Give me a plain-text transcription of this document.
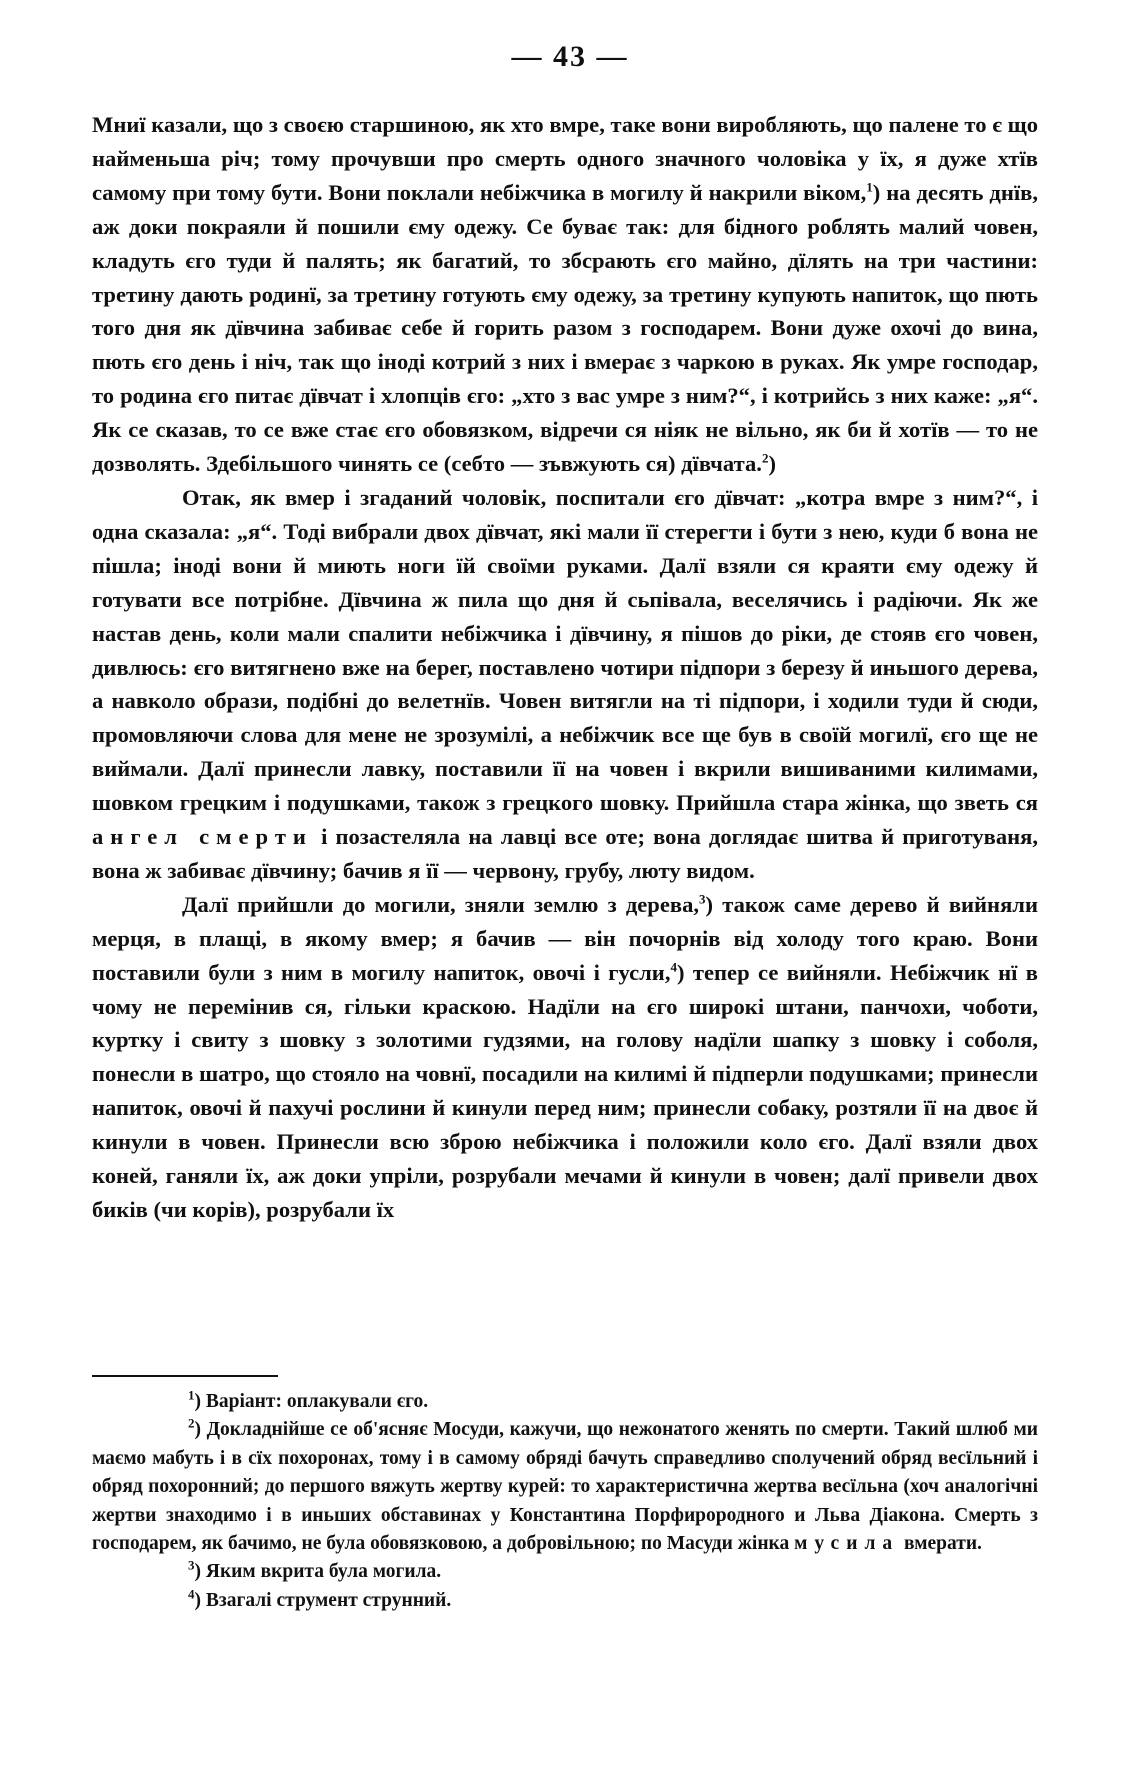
— 43 —

Мниї казали, що з своєю старшиною, як хто вмре, таке вони виробляють, що палене то є що найменьша річ; тому прочувши про смерть одного значного чоловіка у їх, я дуже хтїв самому при тому бути. Вони поклали небіжчика в могилу й накрили віком,$^1$) на десять днїв, аж доки покраяли й пошили єму одежу. Се буває так: для бідного роблять малий човен, кладуть єго туди й палять; як багатий, то збсрають єго майно, дїлять на три частини: третину дають родинї, за третину готують єму одежу, за третину купують напиток, що пють того дня як дївчина забиває себе й горить разом з господарем. Вони дуже охочі до вина, пють єго день і ніч, так що іноді котрий з них і вмерає з чаркою в руках. Як умре господар, то родина єго питає дївчат і хлопців єго: „хто з вас умре з ним?“, і котрийсь з них каже: „я“. Як се сказав, то се вже стає єго обовязком, відречи ся ніяк не вільно, як би й хотїв — то не дозволять. Здебільшого чинять се (себто — зъвжують ся) дївчата.$^2$)

Отак, як вмер і згаданий чоловік, поспитали єго дївчат: „котра вмре з ним?“, і одна сказала: „я“. Тоді вибрали двох дївчат, які мали її стерегти і бути з нею, куди б вона не пішла; іноді вони й миють ноги їй своїми руками. Далї взяли ся краяти єму одежу й готувати все потрібне. Дївчина ж пила що дня й сьпівала, веселячись і радіючи. Як же настав день, коли мали спалити небіжчика і дївчину, я пішов до ріки, де стояв єго човен, дивлюсь: єго витягнено вже на берег, поставлено чотири підпори з березу й иньшого дерева, а навколо образи, подібні до велетнїв. Човен витягли на ті підпори, і ходили туди й сюди, промовляючи слова для мене не зрозумілі, а небіжчик все ще був в своїй могилї, єго ще не виймали. Далї принесли лавку, поставили її на човен і вкрили вишиваними килимами, шовком грецким і подушками, також з грецкого шовку. Прийшла стара жінка, що зветь ся ангел смерти і позастеляла на лавці все оте; вона доглядає шитва й приготуваня, вона ж забиває дївчину; бачив я її — червону, грубу, люту видом.

Далї прийшли до могили, зняли землю з дерева,$^3$) також саме дерево й вийняли мерця, в плащі, в якому вмер; я бачив — він почорнів від холоду того краю. Вони поставили були з ним в могилу напиток, овочі і гусли,$^4$) тепер се вийняли. Небіжчик нї в чому не перемінив ся, гільки краскою. Надїли на єго широкі штани, панчохи, чоботи, куртку і свиту з шовку з золотими гудзями, на голову надїли шапку з шовку і соболя, понесли в шатро, що стояло на човнї, посадили на килимі й підперли подушками; принесли напиток, овочі й пахучі рослини й кинули перед ним; принесли собаку, розтяли її на двоє й кинули в човен. Принесли всю зброю небіжчика і положили коло єго. Далї взяли двох коней, ганяли їх, аж доки упріли, розрубали мечами й кинули в човен; далї привели двох биків (чи корів), розрубали їх

$^1$) Варіант: оплакували єго.

$^2$) Докладнійше се об'ясняє Мосуди, кажучи, що нежонатого женять по смерти. Такий шлюб ми маємо мабуть і в сїх похоронах, тому і в самому обряді бачуть справедливо сполучений обряд весїльний і обряд похоронний; до першого вяжуть жертву курей: то характеристична жертва весїльна (хоч аналогічні жертви знаходимо і в иньших обставинах у Константина Порфирородного и Льва Діакона. Смерть з господарем, як бачимо, не була обовязковою, а добровільною; по Масуди жінка мусила вмерати.

$^3$) Яким вкрита була могила.

$^4$) Взагалі струмент струнний.
